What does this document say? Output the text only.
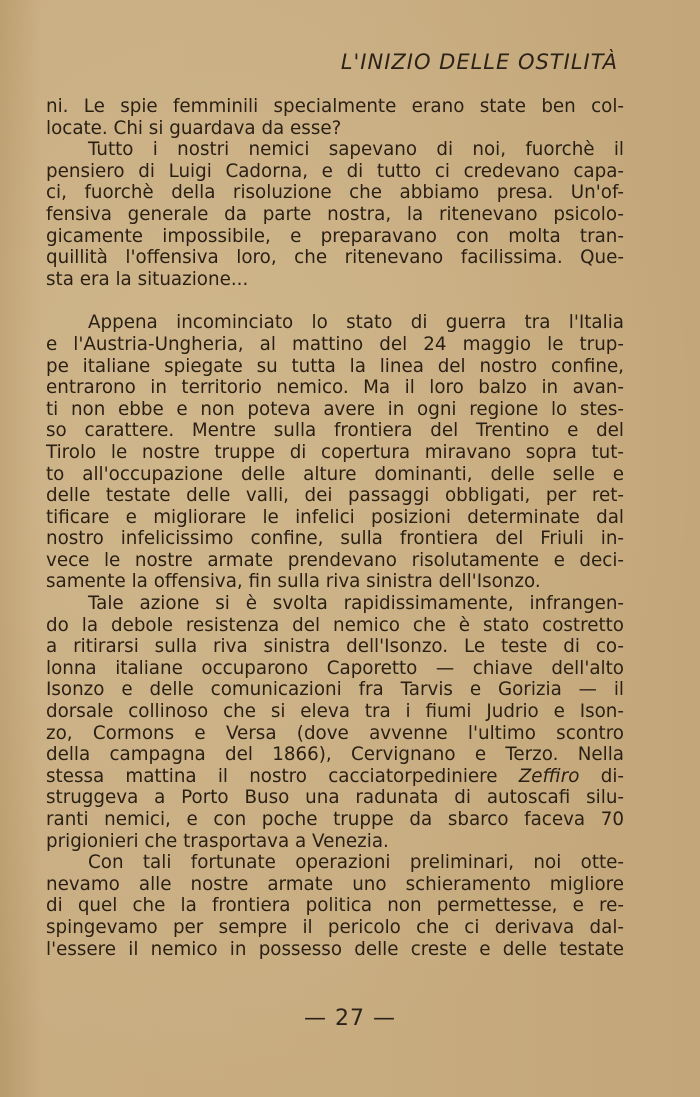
L'INIZIO DELLE OSTILITÀ
ni. Le spie femminili specialmente erano state ben col-
locate. Chi si guardava da esse?
Tutto i nostri nemici sapevano di noi, fuorchè il
pensiero di Luigi Cadorna, e di tutto ci credevano capa-
ci, fuorchè della risoluzione che abbiamo presa. Un'of-
fensiva generale da parte nostra, la ritenevano psicolo-
gicamente impossibile, e preparavano con molta tran-
quillità l'offensiva loro, che ritenevano facilissima. Que-
sta era la situazione...
Appena incominciato lo stato di guerra tra l'Italia
e l'Austria-Ungheria, al mattino del 24 maggio le trup-
pe italiane spiegate su tutta la linea del nostro confine,
entrarono in territorio nemico. Ma il loro balzo in avan-
ti non ebbe e non poteva avere in ogni regione lo stes-
so carattere. Mentre sulla frontiera del Trentino e del
Tirolo le nostre truppe di copertura miravano sopra tut-
to all'occupazione delle alture dominanti, delle selle e
delle testate delle valli, dei passaggi obbligati, per ret-
tificare e migliorare le infelici posizioni determinate dal
nostro infelicissimo confine, sulla frontiera del Friuli in-
vece le nostre armate prendevano risolutamente e deci-
samente la offensiva, fin sulla riva sinistra dell'Isonzo.
Tale azione si è svolta rapidissimamente, infrangen-
do la debole resistenza del nemico che è stato costretto
a ritirarsi sulla riva sinistra dell'Isonzo. Le teste di co-
lonna italiane occuparono Caporetto — chiave dell'alto
Isonzo e delle comunicazioni fra Tarvis e Gorizia — il
dorsale collinoso che si eleva tra i fiumi Judrio e Ison-
zo, Cormons e Versa (dove avvenne l'ultimo scontro
della campagna del 1866), Cervignano e Terzo. Nella
stessa mattina il nostro cacciatorpediniere Zeffiro di-
struggeva a Porto Buso una radunata di autoscafi silu-
ranti nemici, e con poche truppe da sbarco faceva 70
prigionieri che trasportava a Venezia.
Con tali fortunate operazioni preliminari, noi otte-
nevamo alle nostre armate uno schieramento migliore
di quel che la frontiera politica non permettesse, e re-
spingevamo per sempre il pericolo che ci derivava dal-
l'essere il nemico in possesso delle creste e delle testate
— 27 —
